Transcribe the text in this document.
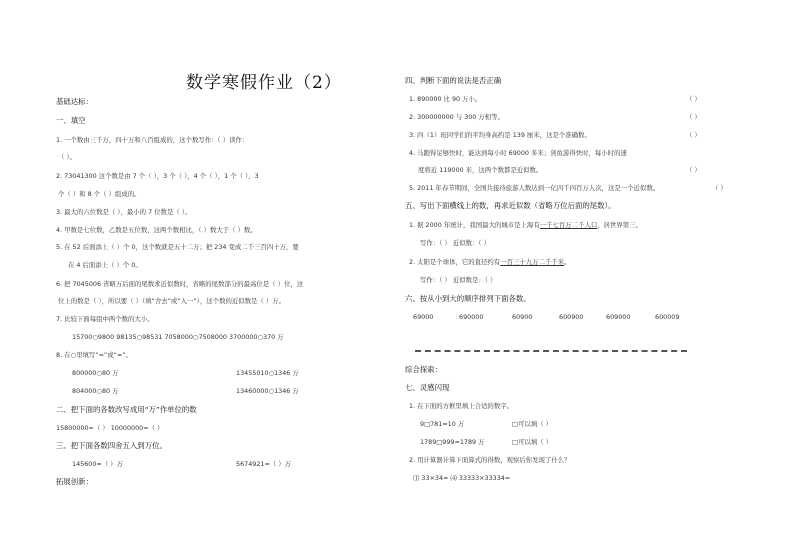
数学寒假作业（2）
基础达标：
一、填空
1. 一个数由三千万，四十万和八百组成的，这个数写作：（ ）读作：
（ ）。
2. 73041300 这个数是由 7 个（ ），3 个（ ），4 个（ ），1 个（ ），3
个（ ）和 8 个（ ）组成的。
3. 最大的六位数是（ ），最小的 7 位数是（ ）。
4. 甲数是七位数，乙数是五位数，这两个数相比，（ ）数大于（ ）数。
5. 在 52 后面添上（ ）个 0，这个数就是五十二万；把 234 变成二千三百四十万，要
在 4 后面添上（ ）个 0。
6. 把 7045006 省略万后面的尾数求近似数时，省略的尾数部分的最高位是（ ）位，这
位上的数是（ ），所以要（ ）（填“舍去”或“入一”），这个数的近似数是（ ）万。
7. 比较下面每组中两个数的大小。
15700○9800 98135○98531 7058000○7508000 3700000○370 万
8. 在○里填写“=”或“≈”。
800000○80 万	13455010○1346 万
804000○80 万	13460000○1346 万
二、把下面的各数改写成用“万”作单位的数
15800000=（ ） 10000000=（ ）
三、把下面各数四舍五入到万位。
145600≈（ ）万	5674921≈（ ）万
拓展创新：
四、判断下面的说法是否正确
1. 890000 比 90 万小。	（ ）
2. 300000000 与 300 万相等。	（ ）
3. 四（1）班同学们的平均身高约是 139 厘米，这是个准确数。	（ ）
4. 马跑得足够快时，能达到每小时 69000 多米；剑鱼游得快时，每小时的速
度将近 119000 米，这两个数都是近似数。	（ ）
5. 2011 年春节期间，全国共接待旅游人数达到一亿四千四百万人次，这是一个近似数。	（ ）
五、写出下面横线上的数，再求近似数（省略万位后面的尾数）。
1. 据 2000 年统计，我国最大的城市是上海有一千七百万二千人口，居世界第三。
写作：（ ） 近似数：（ ）
2. 太阳是个球体，它的直径约有一百三十九万二千千米。
写作：（ ） 近似数是：（ ）
六、按从小到大的顺序排列下面各数。
69000	690000	60900	600900	609000	600009
综合探索：
七、灵感闪现
1. 在下面的方框里填上合适的数字。
9□781≈10 万	□可以填（ ）
1789□999≈1789 万	□可以填（ ）
2. 用计算器计算下面算式的得数，观察后你发现了什么？
⑴ 33×34= ⑷ 33333×33334=
